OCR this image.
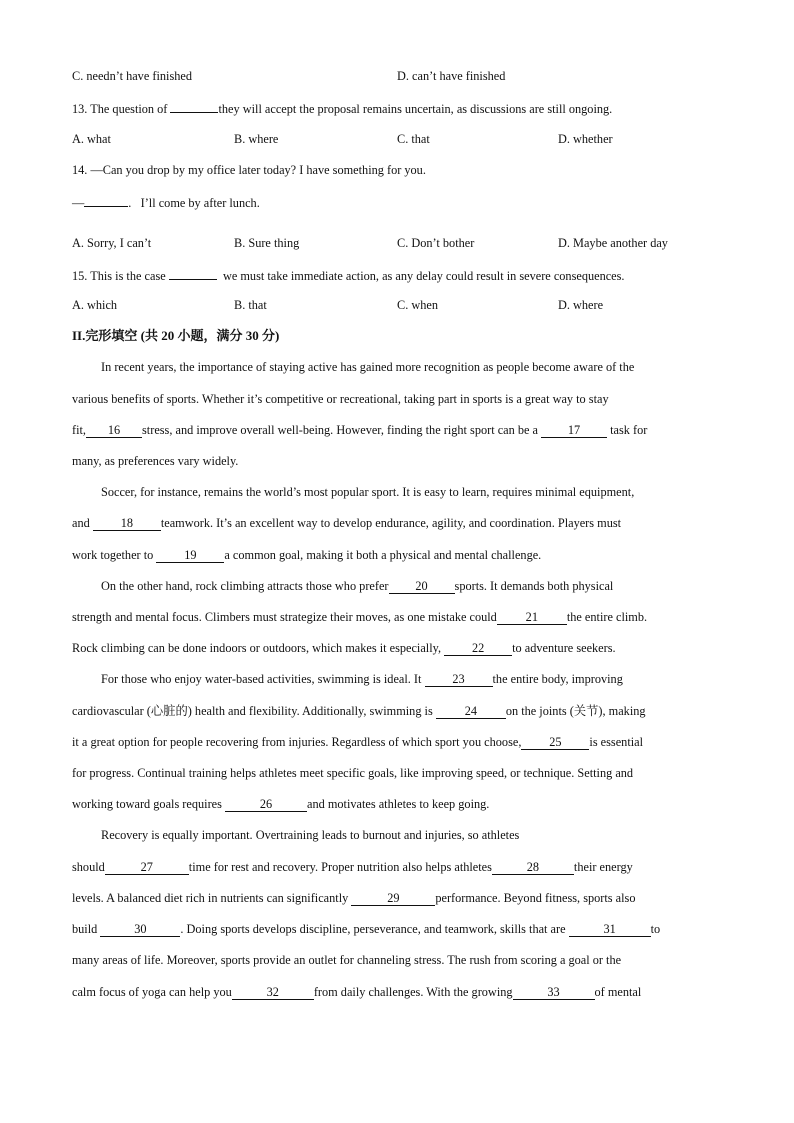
C. needn’t have finished	D. can’t have finished
13. The question of	they will accept the proposal remains uncertain, as discussions are still ongoing.
A. what	B. where	C. that	D. whether
14. —Can you drop by my office later today? I have something for you.
—	. I’ll come by after lunch.
A. Sorry, I can’t	B. Sure thing	C. Don’t bother	D. Maybe another day
15. This is the case	we must take immediate action, as any delay could result in severe consequences.
A. which	B. that	C. when	D. where
II.完形填空 (共 20 小题，满分 30 分)
In recent years, the importance of staying active has gained more recognition as people become aware of the
various benefits of sports. Whether it’s competitive or recreational, taking part in sports is a great way to stay
fit, 16 stress, and improve overall well-being. However, finding the right sport can be a 17 task for
many, as preferences vary widely.
Soccer, for instance, remains the world’s most popular sport. It is easy to learn, requires minimal equipment,
and	18 teamwork. It’s an excellent way to develop endurance, agility, and coordination. Players must
work together to	19 a common goal, making it both a physical and mental challenge.
On the other hand, rock climbing attracts those who prefer 20 sports. It demands both physical
strength and mental focus. Climbers must strategize their moves, as one mistake could 21 the entire climb.
Rock climbing can be done indoors or outdoors, which makes it especially,	22 to adventure seekers.
For those who enjoy water-based activities, swimming is ideal. It	23 the entire body, improving
cardiovascular (心脏的) health and flexibility. Additionally, swimming is	24 on the joints (关节), making
it a great option for people recovering from injuries. Regardless of which sport you choose, 25 is essential
for progress. Continual training helps athletes meet specific goals, like improving speed, or technique. Setting and
working toward goals requires	26	and motivates athletes to keep going.
Recovery is equally important. Overtraining leads to burnout and injuries, so athletes
should	27	time for rest and recovery. Proper nutrition also helps athletes	28	their energy
levels. A balanced diet rich in nutrients can significantly	29	performance. Beyond fitness, sports also
build	30	. Doing sports develops discipline, perseverance, and teamwork, skills that are	31	to
many areas of life. Moreover, sports provide an outlet for channeling stress. The rush from scoring a goal or the
calm focus of yoga can help you	32	from daily challenges. With the growing	33	of mental
